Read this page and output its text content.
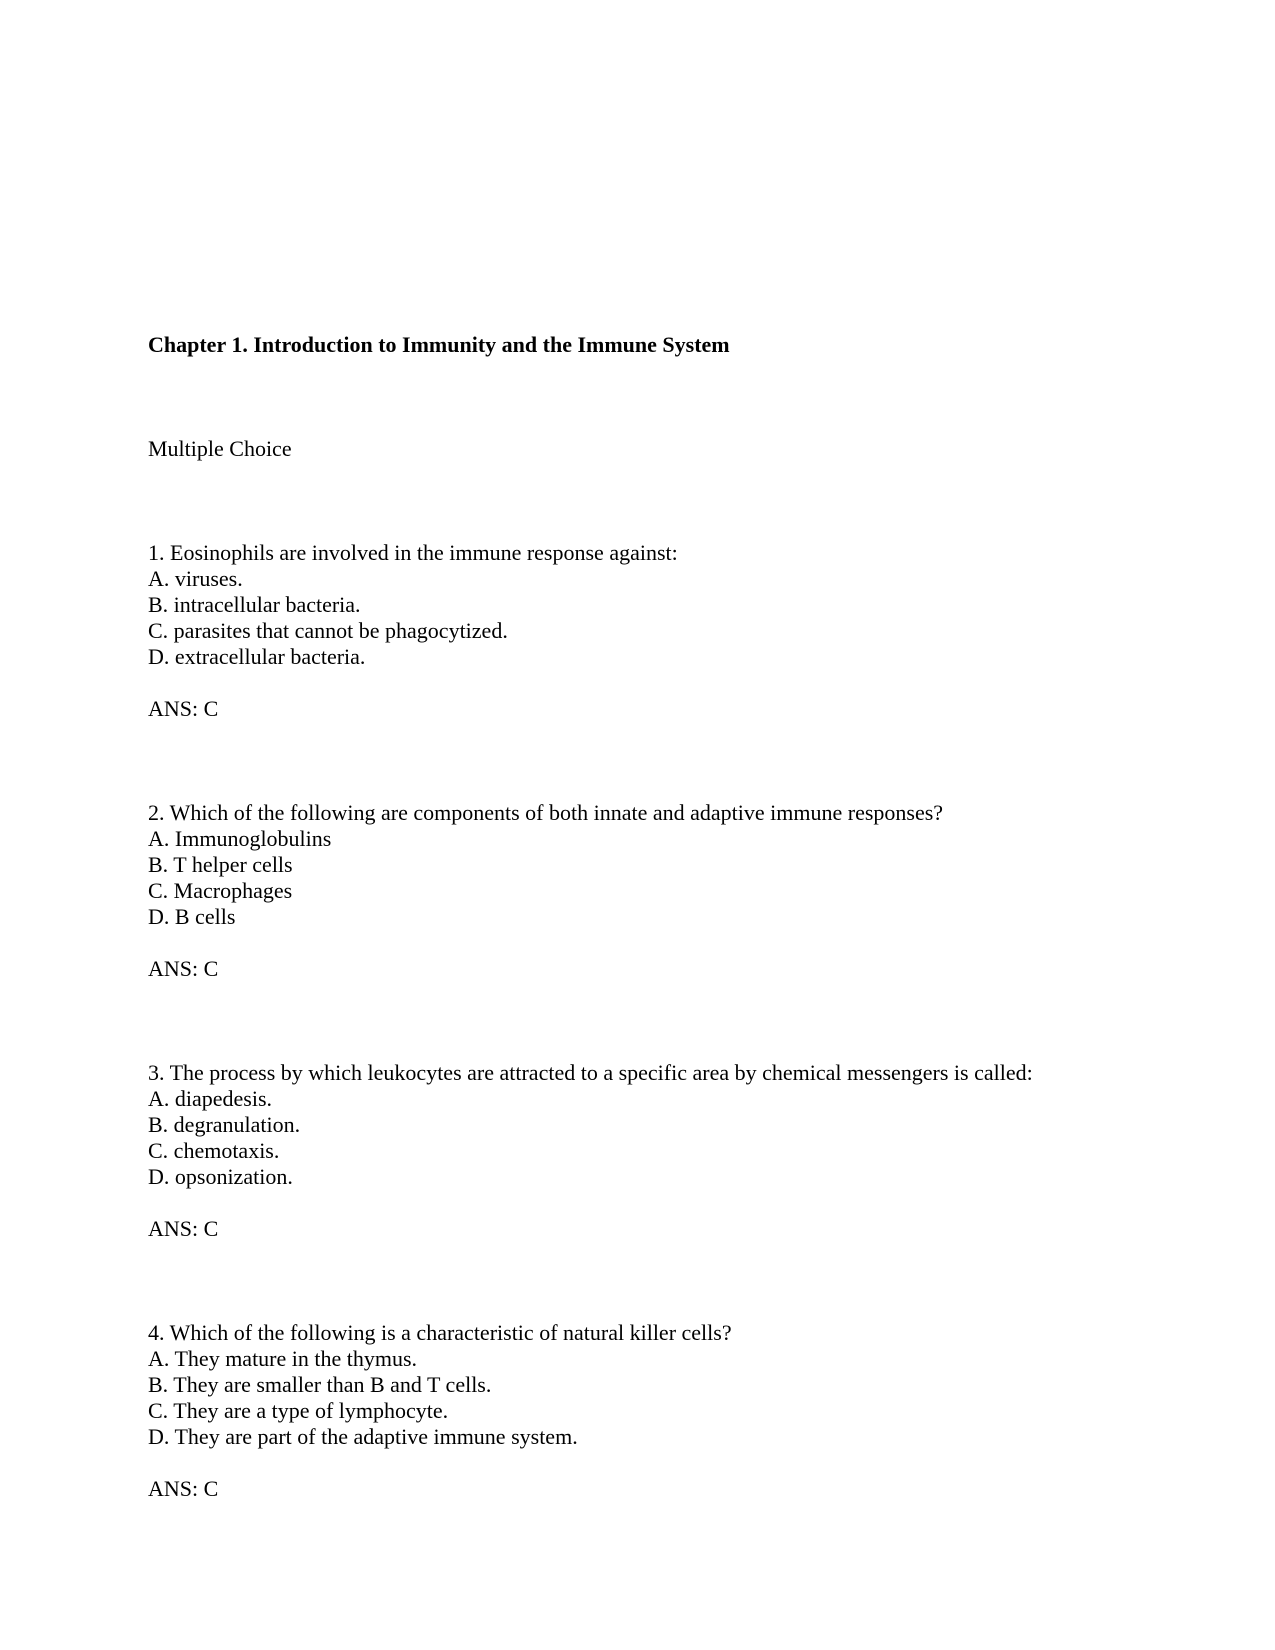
Chapter 1. Introduction to Immunity and the Immune System

Multiple Choice

1. Eosinophils are involved in the immune response against:
A. viruses.
B. intracellular bacteria.
C. parasites that cannot be phagocytized.
D. extracellular bacteria.
ANS: C
2. Which of the following are components of both innate and adaptive immune responses?
A. Immunoglobulins
B. T helper cells
C. Macrophages
D. B cells
ANS: C
3. The process by which leukocytes are attracted to a specific area by chemical messengers is called:
A. diapedesis.
B. degranulation.
C. chemotaxis.
D. opsonization.
ANS: C
4. Which of the following is a characteristic of natural killer cells?
A. They mature in the thymus.
B. They are smaller than B and T cells.
C. They are a type of lymphocyte.
D. They are part of the adaptive immune system.
ANS: C
